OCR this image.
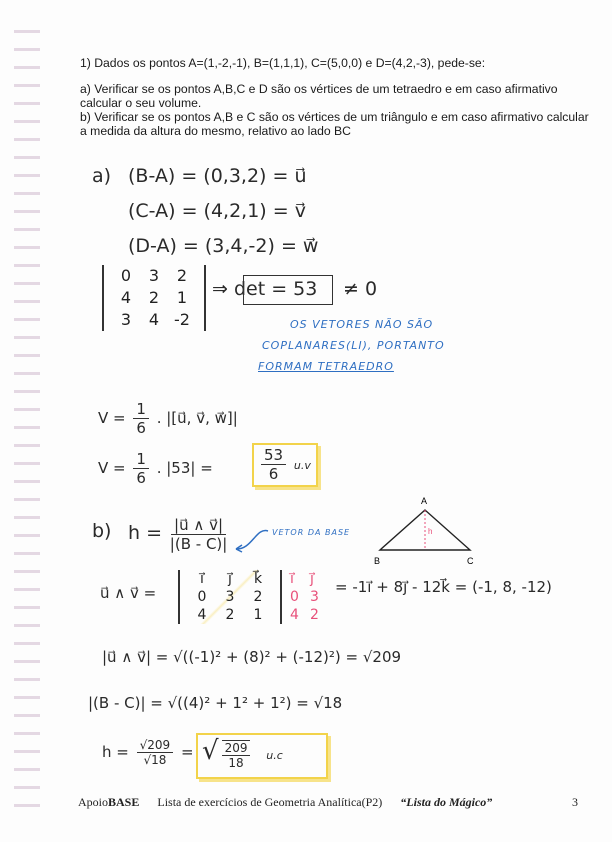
1) Dados os pontos A=(1,-2,-1), B=(1,1,1), C=(5,0,0) e D=(4,2,-3), pede-se:
a) Verificar se os pontos A,B,C e D são os vértices de um tetraedro e em caso afirmativo calcular o seu volume.
b) Verificar se os pontos A,B e C são os vértices de um triângulo e em caso afirmativo calcular a medida da altura do mesmo, relativo ao lado BC
a) (B-A) = (0,3,2) = u⃗
(C-A) = (4,2,1) = v⃗
(D-A) = (3,4,-2) = w⃗
0 3 2
4 2 1
3 4 -2
⇒ det = 53 ≠ 0
OS VETORES NÃO SÃO
COPLANARES(LI), PORTANTO
FORMAM TETRAEDRO
$V = \frac{1}{6}$ . |[u⃗, v⃗, w⃗]|
$V = \frac{1}{6}$ . |53| =	$\frac{53}{6} u.v$
b) $h = \frac{|u⃗ \wedge v⃗|}{|(B - C)|}$	VETOR DA BASE
A
B	C
h
u⃗ ∧ v⃗ =
i⃗ j⃗ k⃗
0 3 2
4 2 1
i⃗ j⃗
0 3
4 2
= -1i⃗ + 8j⃗ - 12k⃗ = (-1, 8, -12)
|u⃗ ∧ v⃗| = √((-1)² + (8)² + (-12)²) = √209
|(B - C)| = √((4)² + 1² + 1²) = √18
$h = \frac{√209}{√18}$ = √ $\frac{209}{18} u.c$
ApoioBASE Lista de exercícios de Geometria Analítica(P2) “Lista do Mágico”	3
